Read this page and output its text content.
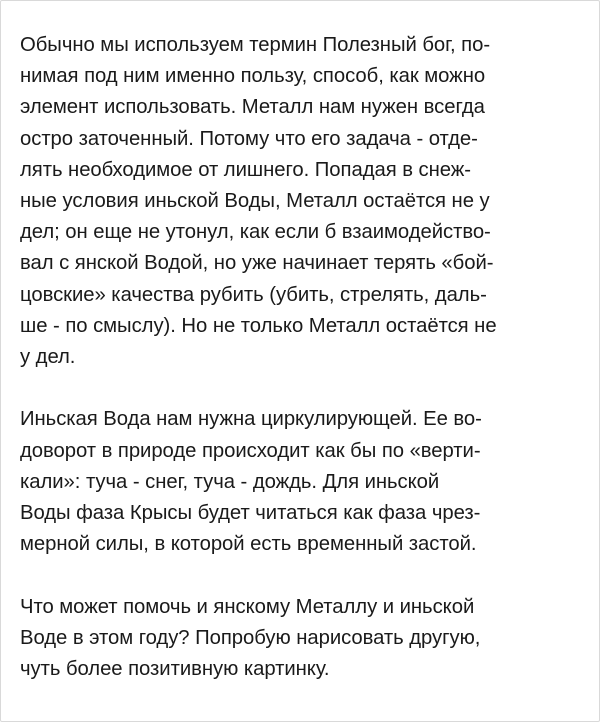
Обычно мы используем термин Полезный бог, по-
нимая под ним именно пользу, способ, как можно
элемент использовать. Металл нам нужен всегда
остро заточенный. Потому что его задача - отде-
лять необходимое от лишнего. Попадая в снеж-
ные условия иньской Воды, Металл остаётся не у
дел; он еще не утонул, как если б взаимодейство-
вал с янской Водой, но уже начинает терять «бой-
цовские» качества рубить (убить, стрелять, даль-
ше - по смыслу). Но не только Металл остаётся не
у дел.

Иньская Вода нам нужна циркулирующей. Ее во-
доворот в природе происходит как бы по «верти-
кали»: туча - снег, туча - дождь. Для иньской
Воды фаза Крысы будет читаться как фаза чрез-
мерной силы, в которой есть временный застой.

Что может помочь и янскому Металлу и иньской
Воде в этом году? Попробую нарисовать другую,
чуть более позитивную картинку.
